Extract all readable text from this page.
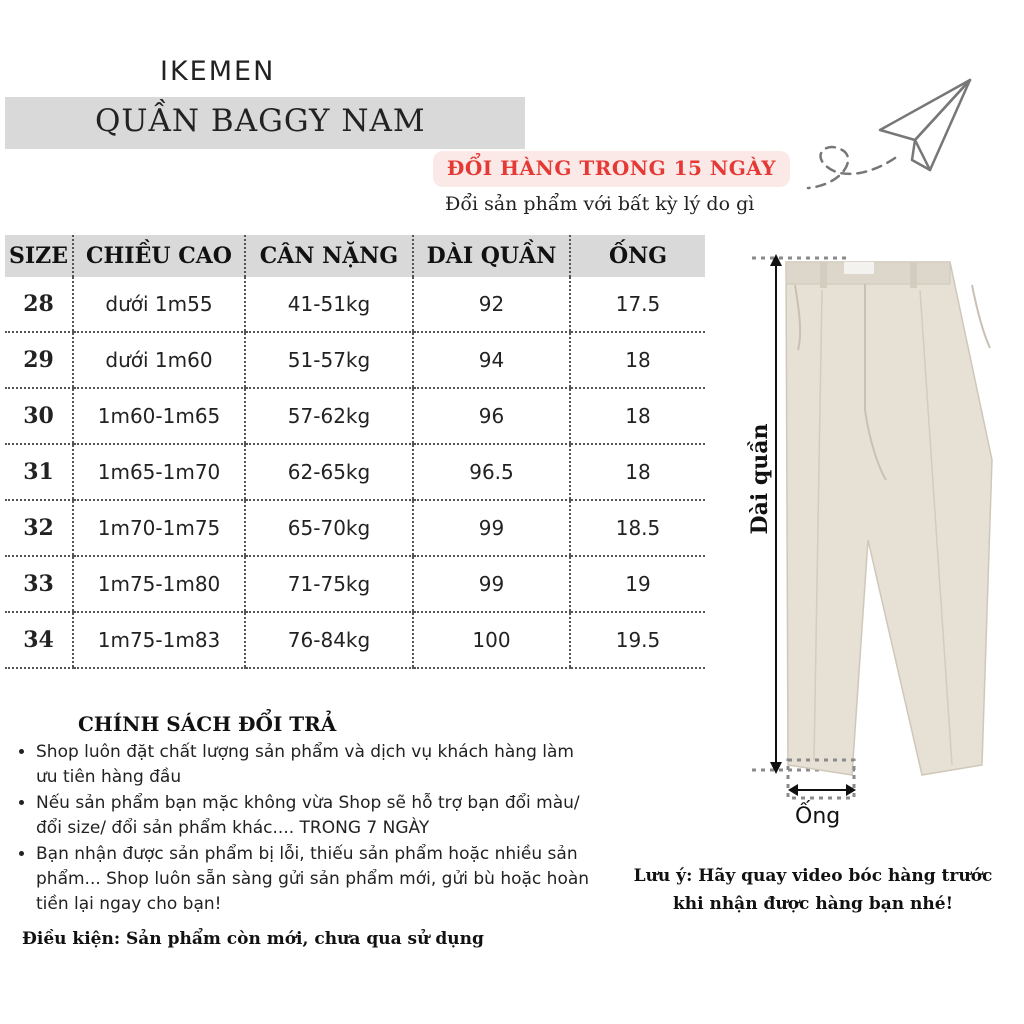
IKEMEN
QUẦN BAGGY NAM
ĐỔI HÀNG TRONG 15 NGÀY
Đổi sản phẩm với bất kỳ lý do gì
SIZE	CHIỀU CAO	CÂN NẶNG	DÀI QUẦN	ỐNG
28	dưới 1m55	41-51kg	92	17.5
29	dưới 1m60	51-57kg	94	18
30	1m60-1m65	57-62kg	96	18
31	1m65-1m70	62-65kg	96.5	18
32	1m70-1m75	65-70kg	99	18.5
33	1m75-1m80	71-75kg	99	19
34	1m75-1m83	76-84kg	100	19.5
Dài quần
Ống
CHÍNH SÁCH ĐỔI TRẢ
• Shop luôn đặt chất lượng sản phẩm và dịch vụ khách hàng làm ưu tiên hàng đầu
• Nếu sản phẩm bạn mặc không vừa Shop sẽ hỗ trợ bạn đổi màu/ đổi size/ đổi sản phẩm khác.... TRONG 7 NGÀY
• Bạn nhận được sản phẩm bị lỗi, thiếu sản phẩm hoặc nhiều sản phẩm... Shop luôn sẵn sàng gửi sản phẩm mới, gửi bù hoặc hoàn tiền lại ngay cho bạn!
Điều kiện: Sản phẩm còn mới, chưa qua sử dụng
Lưu ý: Hãy quay video bóc hàng trước khi nhận được hàng bạn nhé!
